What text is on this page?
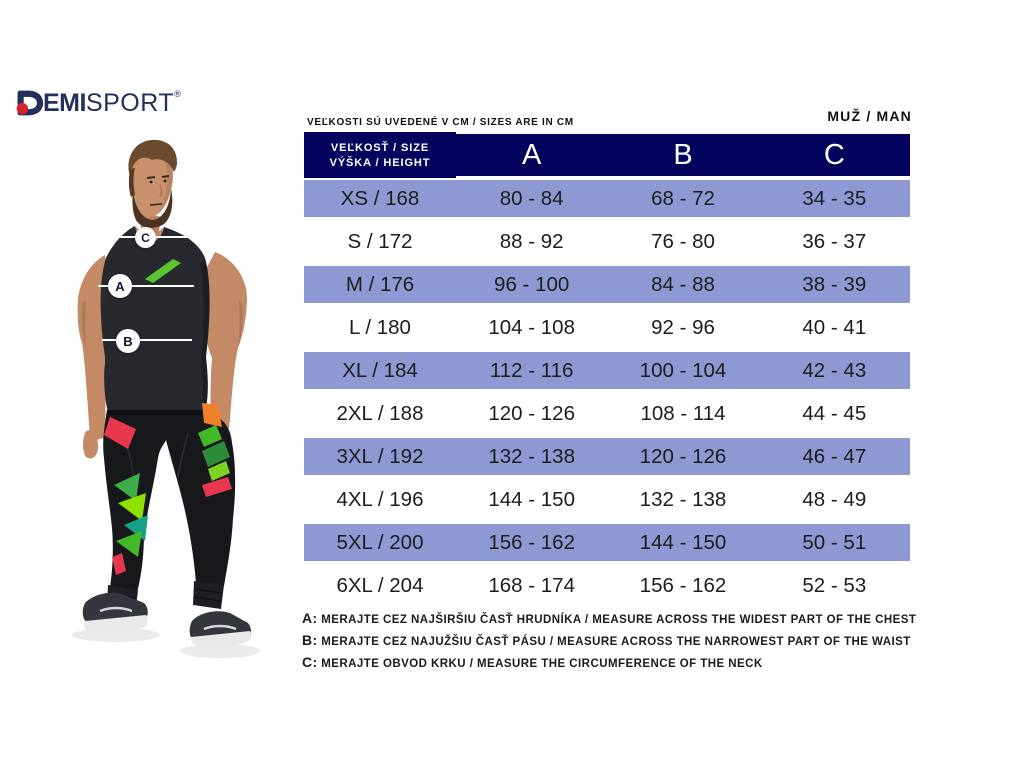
EMI SPORT ®
VEĽKOSTI SÚ UVEDENÉ V CM / SIZES ARE IN CM	MUŽ / MAN
VEĽKOSŤ / SIZE
VÝŠKA / HEIGHT	A	B	C
XS / 168	80 - 84	68 - 72	34 - 35
S / 172	88 - 92	76 - 80	36 - 37
M / 176	96 - 100	84 - 88	38 - 39
L / 180	104 - 108	92 - 96	40 - 41
XL / 184	112 - 116	100 - 104	42 - 43
2XL / 188	120 - 126	108 - 114	44 - 45
3XL / 192	132 - 138	120 - 126	46 - 47
4XL / 196	144 - 150	132 - 138	48 - 49
5XL / 200	156 - 162	144 - 150	50 - 51
6XL / 204	168 - 174	156 - 162	52 - 53
A: MERAJTE CEZ NAJŠIRŠIU ČASŤ HRUDNÍKA / MEASURE ACROSS THE WIDEST PART OF THE CHEST
B: MERAJTE CEZ NAJUŽŠIU ČASŤ PÁSU / MEASURE ACROSS THE NARROWEST PART OF THE WAIST
C: MERAJTE OBVOD KRKU / MEASURE THE CIRCUMFERENCE OF THE NECK
C
A
B
